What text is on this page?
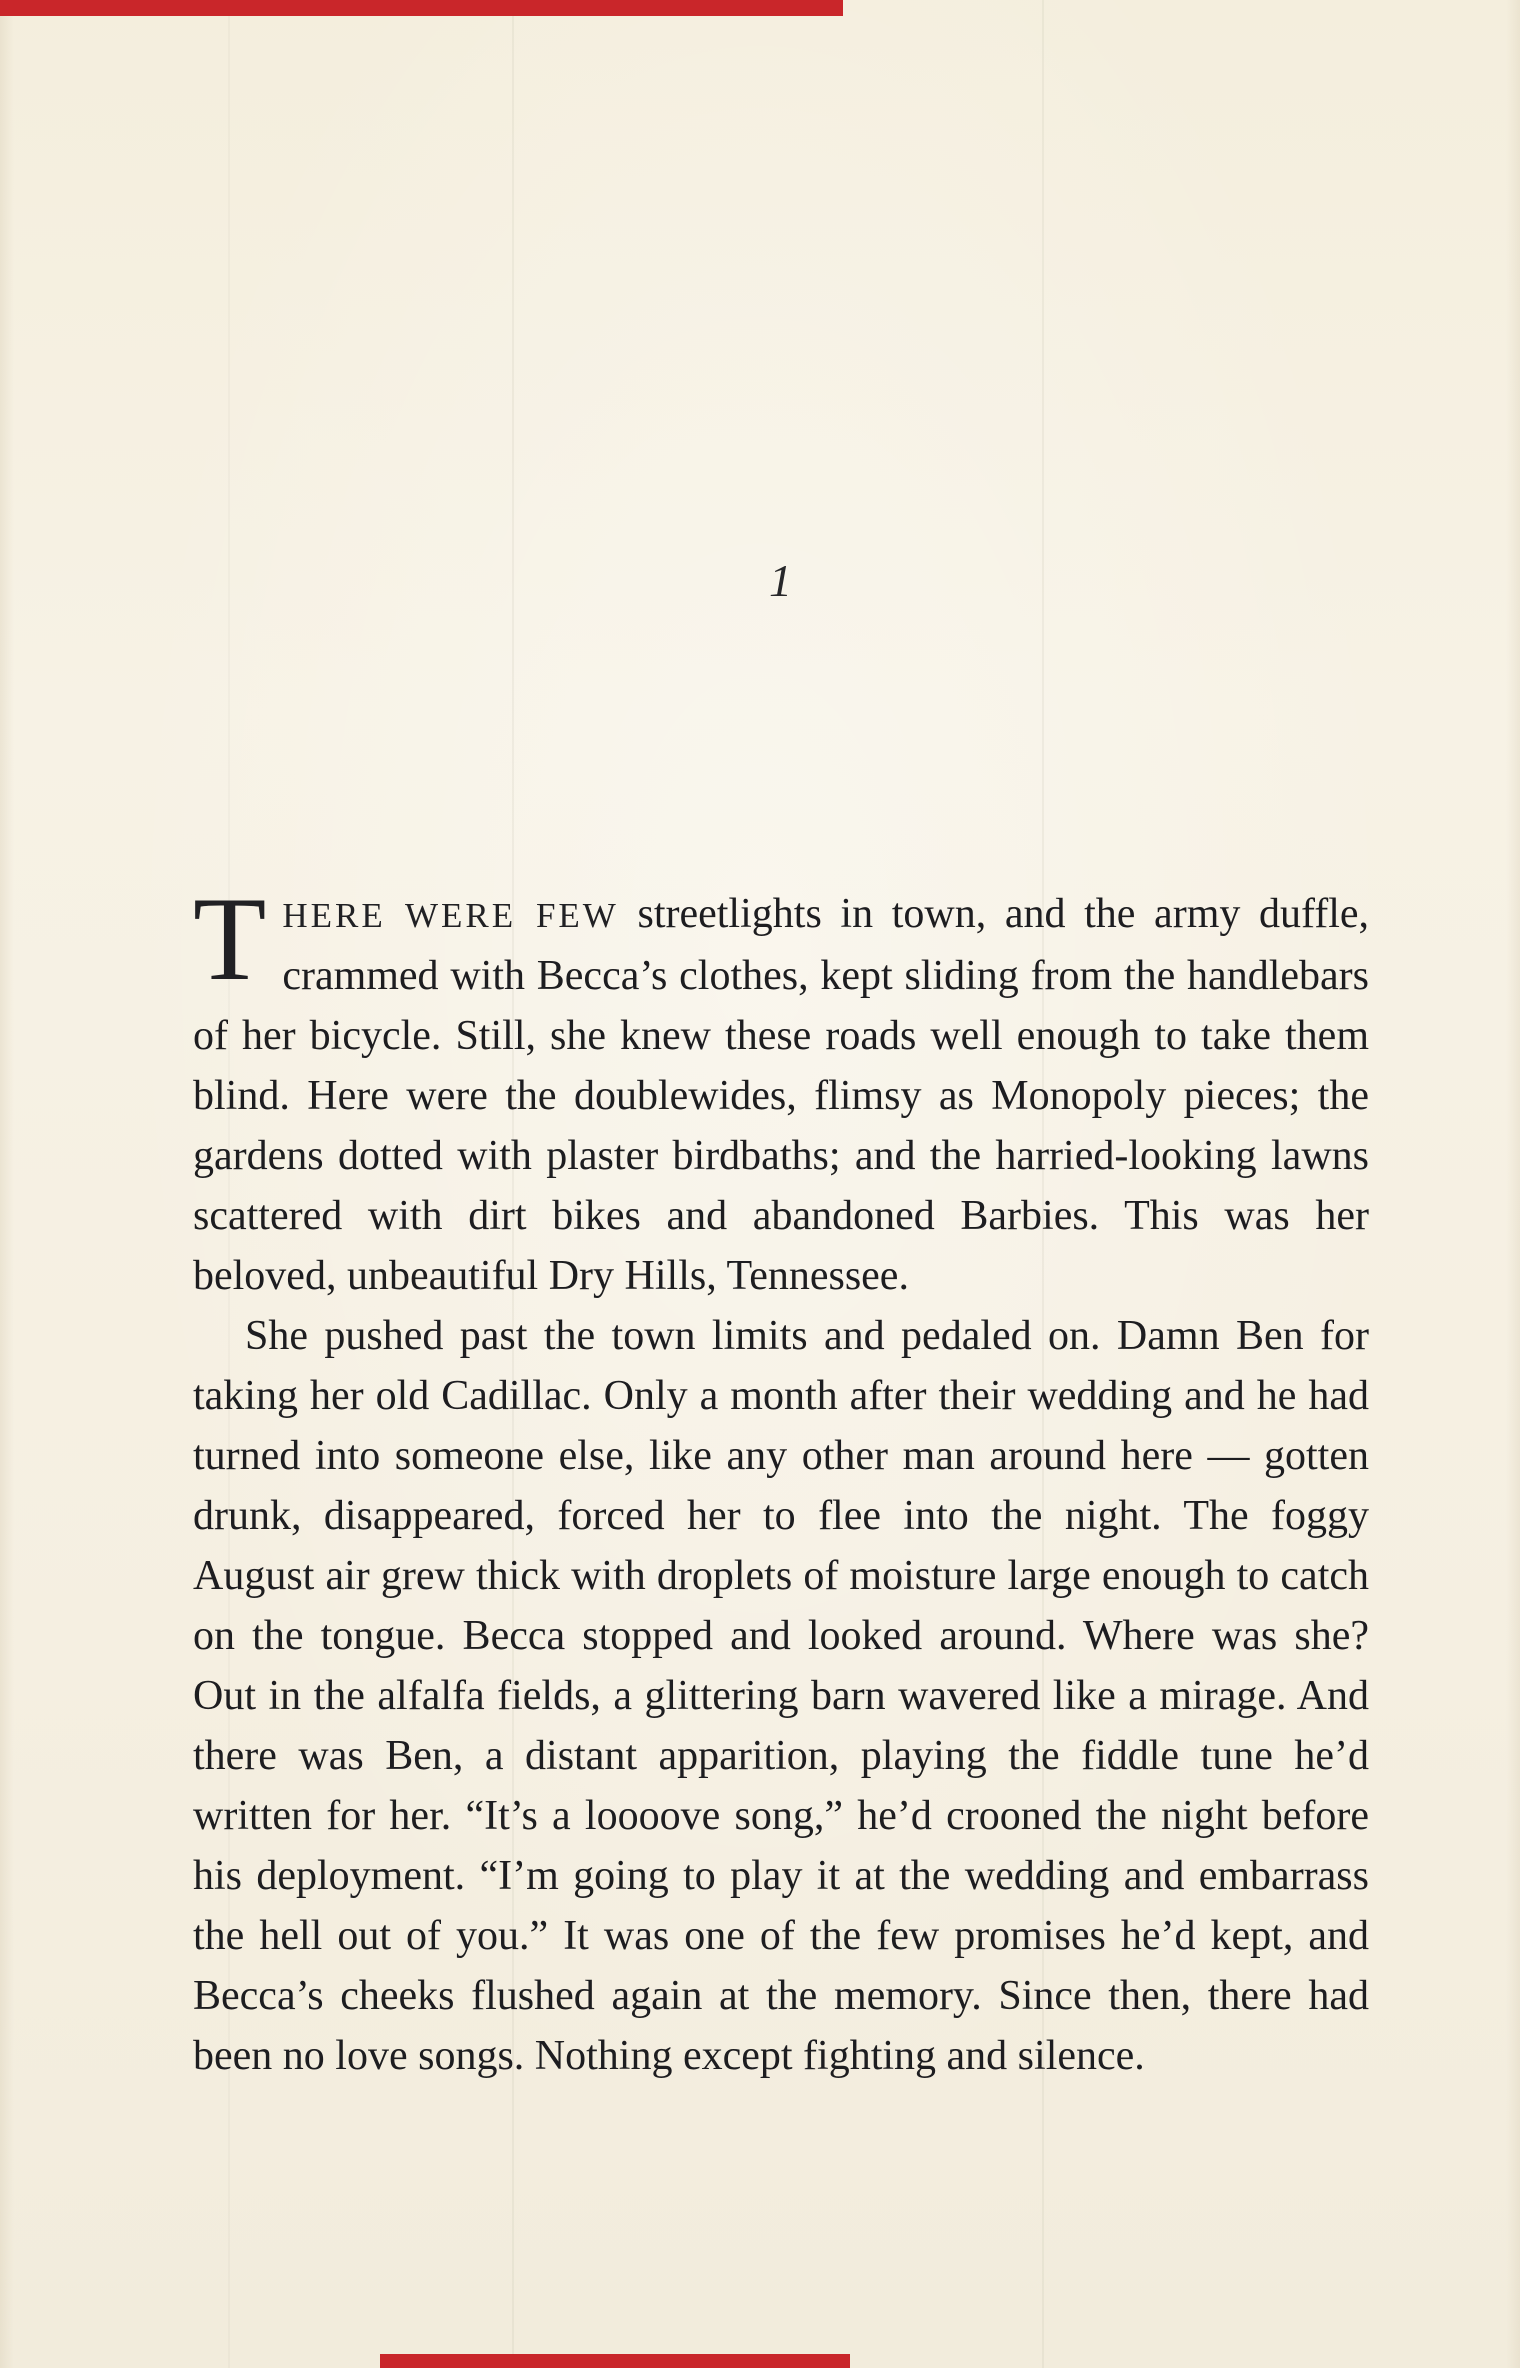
1

THERE WERE FEW streetlights in town, and the army duffle, crammed with Becca’s clothes, kept sliding from the handlebars of her bicycle. Still, she knew these roads well enough to take them blind. Here were the doublewides, flimsy as Monopoly pieces; the gardens dotted with plaster birdbaths; and the harried-looking lawns scattered with dirt bikes and abandoned Barbies. This was her beloved, unbeautiful Dry Hills, Tennessee.

She pushed past the town limits and pedaled on. Damn Ben for taking her old Cadillac. Only a month after their wedding and he had turned into someone else, like any other man around here — gotten drunk, disappeared, forced her to flee into the night. The foggy August air grew thick with droplets of moisture large enough to catch on the tongue. Becca stopped and looked around. Where was she? Out in the alfalfa fields, a glittering barn wavered like a mirage. And there was Ben, a distant apparition, playing the fiddle tune he’d written for her. “It’s a loooove song,” he’d crooned the night before his deployment. “I’m going to play it at the wedding and embarrass the hell out of you.” It was one of the few promises he’d kept, and Becca’s cheeks flushed again at the memory. Since then, there had been no love songs. Nothing except fighting and silence.
